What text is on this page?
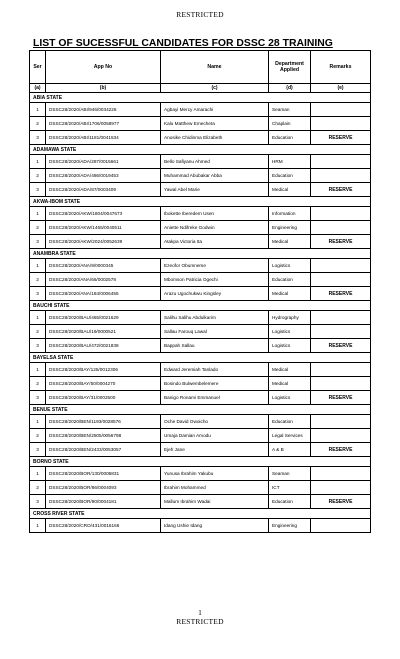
RESTRICTED
LIST OF SUCESSFUL CANDIDATES FOR DSSC 28 TRAINING
Ser	App No	Name	Department Applied	Remarks
(a)	(b)	(c)	(d)	(e)
ABIA STATE				
1	DSSC28/2020/ABI/946/0034226	Agbayi Mercy Amarachi	Seaman	
2	DSSC28/2020/ABI/1706/0058977	Kalu Matthew Emecheta	Chaplain	
3	DSSC28/2020/ABI/1181/0041534	Anosike Chidinma Elizabeth	Education	RESERVE
ADAMAWA STATE				
1	DSSC28/2020/ADA/287/0015661	Bello Safiyanu Ahmed	HRM	
2	DSSC28/2020/ADA/486/0019453	Muhammad Abubakar Abba	Education	
3	DSSC28/2020/ADA/87/0003409	Yawal Abel Marie	Medical	RESERVE
AKWA-IBOM STATE				
1	DSSC28/2020/AKW/1804/0047673	Ibokette Iberedem Usen	Information	
2	DSSC28/2020/AKW/1465/0040511	Aniette Ndifreke Godwin	Engineering	
3	DSSC28/2020/AKW/2024/0052639	Atakpa Victoria Ita	Medical	RESERVE
ANAMBRA STATE				
1	DSSC28/2020/ANA/9/0000345	Ezeofor Obumneme	Logistics	
2	DSSC28/2020/ANA/66/0002578	Mbomson Patricia Ogechi	Education	
3	DSSC28/2020/ANA/184/0006455	Arazu Ugochukwu Kingsley	Medical	RESERVE
BAUCHI STATE				
1	DSSC28/2020/BAU/465/0021629	Salihu Salihu Abdulkarim	Hydrography	
2	DSSC28/2020/BAU/19/0000521	Sallau Farouq Lawal	Logistics	
3	DSSC28/2020/BAU/472/0021838	Bappah Sallau	Logistics	RESERVE
BAYELSA STATE				
1	DSSC28/2020/BAY/125/0012306	Edward Jeremiah Tanlado	Medical	
2	DSSC28/2020/BAY/50/0004270	Bosindo Bulwembelemere	Medical	
3	DSSC28/2020/BAY/31/0002500	Banigo Ronami Emmanuel	Logistics	RESERVE
BENUE STATE				
1	DSSC28/2020/BEN/1193/0028576	Oche David Owoicho	Education	
2	DSSC28/2020/BEN/2505/0056798	Umaja Damian Amodu	Legal Services	
3	DSSC28/2020/BEN/2433/0053057	Ejeh Jane	A & B	RESERVE
BORNO STATE				
1	DSSC28/2020/BOR/130/0005831	Yunusa Ibrahim Yakubu	Seaman	
2	DSSC28/2020/BOR/86/0004093	Ibrahim Mohammed	ICT	
3	DSSC28/2020/BOR/90/0004181	Mallum Ibrahim Wadai	Education	RESERVE
CROSS RIVER STATE				
1	DSSC28/2020/CRO/431/0016166	Idang Ushie Idang	Engineering	
1
RESTRICTED
